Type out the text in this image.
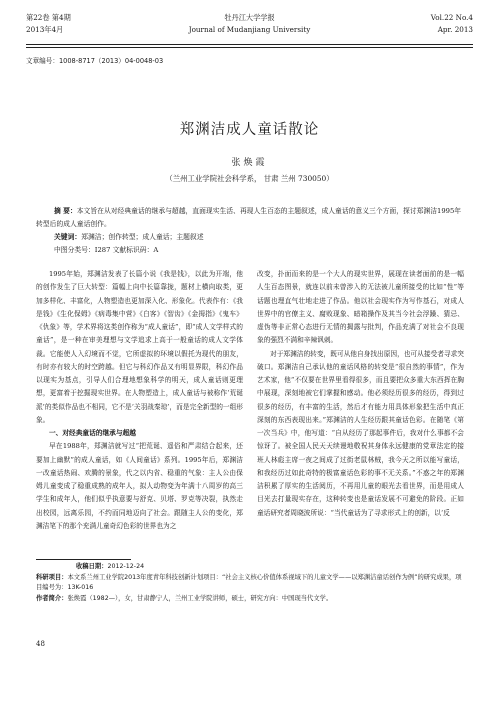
第22卷 第4期
2013年4月
牡丹江大学学报
Journal of Mudanjiang University
Vol.22 No.4
Apr. 2013
文章编号：1008-8717（2013）04-0048-03
郑渊洁成人童话散论
张焕霞
（兰州工业学院社会科学系， 甘肃 兰州 730050）

摘 要：本文旨在从对经典童话的继承与超越，直面现实生活、再现人生百态的主题叙述，成人童话的意义三个方面，探讨郑渊洁1995年转型后的成人童话创作。

关键词：郑渊洁；创作转型；成人童话；主题叙述

中图分类号：I287 文献标识码：A

1995年始，郑渊洁发表了长篇小说《我是钱》，以此为开端，他的创作发生了巨大转型：篇幅上向中长篇靠拢，题材上横向取类，更加多样化、丰富化，人物塑造也更加深入化、形象化。代表作有：《我是钱》《生化保姆》《病毒集中营》《白客》《智齿》《金拇指》《鬼车》《仇象》等，学术界将这类创作称为“成人童话”，即“成人文学样式的童话”，是一种在审美理想与文学追求上高于一般童话的成人文学体裁。它能使人入幻境而不觉，它所虚拟的环境以假托为现代的朋友，有时亦有较大的时空跨越。但它与科幻作品又有明显界限，科幻作品以现实为基点，引导人们合理地想象科学的明天，成人童话则更理想，更富着于挖掘现实世界。在人物塑造上，成人童话与被称作‘荒诞派’的类似作品也不相同，它不是‘关羽战秦琼’，而是完全新型的一组形象。

一、对经典童话的继承与超越

早在1988年，郑渊洁就写过“把荒诞、遥俗和严肃结合起来，还要加上幽默”的成人童话，如《人间童话》系列。1995年后，郑渊洁一改童话热闹、欢腾的景象，代之以内省、稳重的气象：主人公由保姆儿童变成了稳重成熟的成年人，拟人动物变为年满十八周岁的高三学生和成年人，他们似乎执意要与舒克、贝塔、罗克等决裂，执然走出校园，远离乐园，不约而同地迈向了社会。跟随主人公的变化，郑渊洁笔下的那个充满儿童奇幻色彩的世界也为之

改变，扑面而来的是一个大人的现实世界，展现在读者面前的是一幅人生百态图景，就连以前未曾涉入的无法被儿童所接受的比如“性”等话题也理直气壮地走进了作品。他以社会现实作为写作基石，对成人世界中的官僚主义、腐败现象、暗箱操作及其当今社会浮躁、猜忌、虚伪等非正常心态进行无情的揭露与批判，作品充满了对社会不良现象的强烈不满和辛辣讽刺。

对于郑渊洁的转变，既可从他自身找出原因，也可从接受者寻求突破口。郑渊洁自己承认他的童话风格的转变是“很自然的事情”，作为艺术家，他“不仅要在世界里看得很多，而且要把众多重大东西挥在胸中展现，深刻地被它们掌握和感动。他必须经历很多的经历，得到过很多的经历，有丰富的生活，然后才有能力用具体形象把生活中真正深刻的东西表现出来。”郑渊洁的人生经历跟其童话色彩。在随笔《第一次当兵》中，他写道：“自从经历了那起事件后，我对什么事都不会惊讶了。被全国人民天天续谩地敬祝其身体永远健康的党章法定的接班人林彪主席一夜之间成了过街老鼠林贼，我今天之所以能写童话，和我经历过如此奇特的极富童话色彩的事不无关系。”不惑之年的郑渊洁积累了厚实的生活阅历，不再用儿童的眼光去看世界，而是用成人目光去打量现实存在，这种转变也是童话发展不可避免的阶段。正如童话研究者周晓波所说：“当代童话为了寻求形式上的创新，以‘反

收稿日期：2012-12-24

科研项目：本文系兰州工业学院2013年度青年科技创新计划项目：“社会主义核心价值体系视域下的儿童文学——以郑渊洁童话创作为例”的研究成果，项目编号为：13K-016

作者简介：张焕霞（1982—），女，甘肃静宁人，兰州工业学院讲师，硕士，研究方向：中国现当代文学。

48
